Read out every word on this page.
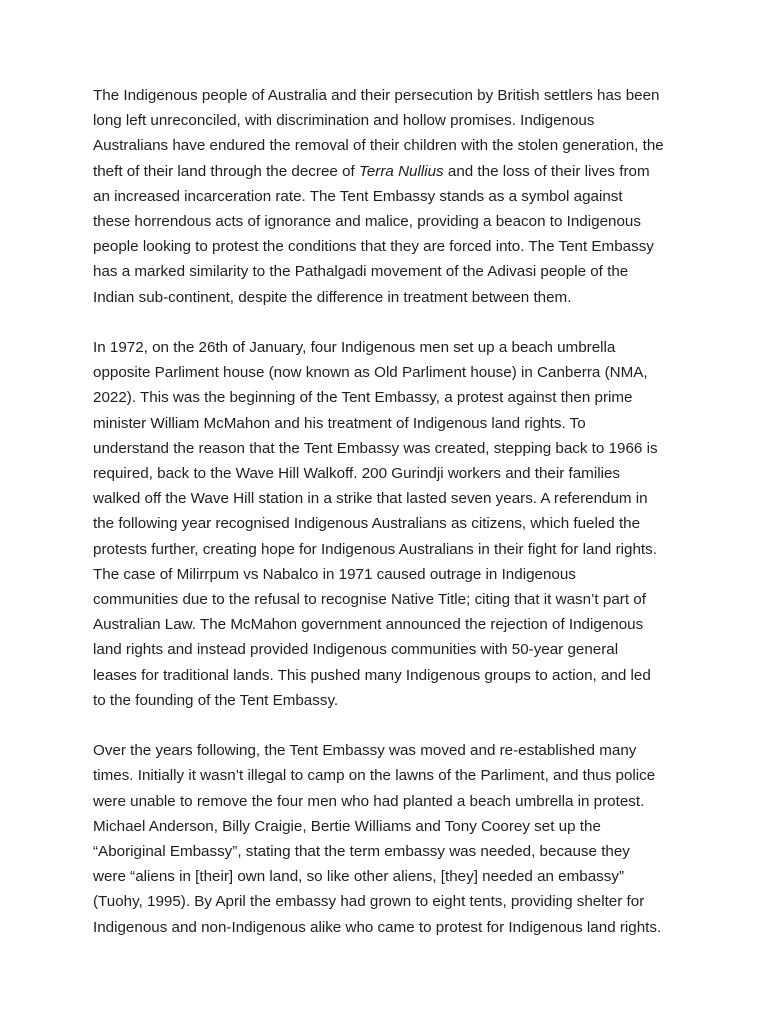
The Indigenous people of Australia and their persecution by British settlers has been
long left unreconciled, with discrimination and hollow promises. Indigenous
Australians have endured the removal of their children with the stolen generation, the
theft of their land through the decree of Terra Nullius and the loss of their lives from
an increased incarceration rate. The Tent Embassy stands as a symbol against
these horrendous acts of ignorance and malice, providing a beacon to Indigenous
people looking to protest the conditions that they are forced into. The Tent Embassy
has a marked similarity to the Pathalgadi movement of the Adivasi people of the
Indian sub-continent, despite the difference in treatment between them.

In 1972, on the 26th of January, four Indigenous men set up a beach umbrella
opposite Parliment house (now known as Old Parliment house) in Canberra (NMA,
2022). This was the beginning of the Tent Embassy, a protest against then prime
minister William McMahon and his treatment of Indigenous land rights. To
understand the reason that the Tent Embassy was created, stepping back to 1966 is
required, back to the Wave Hill Walkoff. 200 Gurindji workers and their families
walked off the Wave Hill station in a strike that lasted seven years. A referendum in
the following year recognised Indigenous Australians as citizens, which fueled the
protests further, creating hope for Indigenous Australians in their fight for land rights.
The case of Milirrpum vs Nabalco in 1971 caused outrage in Indigenous
communities due to the refusal to recognise Native Title; citing that it wasn’t part of
Australian Law. The McMahon government announced the rejection of Indigenous
land rights and instead provided Indigenous communities with 50-year general
leases for traditional lands. This pushed many Indigenous groups to action, and led
to the founding of the Tent Embassy.

Over the years following, the Tent Embassy was moved and re-established many
times. Initially it wasn’t illegal to camp on the lawns of the Parliment, and thus police
were unable to remove the four men who had planted a beach umbrella in protest.
Michael Anderson, Billy Craigie, Bertie Williams and Tony Coorey set up the
“Aboriginal Embassy”, stating that the term embassy was needed, because they
were “aliens in [their] own land, so like other aliens, [they] needed an embassy”
(Tuohy, 1995). By April the embassy had grown to eight tents, providing shelter for
Indigenous and non-Indigenous alike who came to protest for Indigenous land rights.
